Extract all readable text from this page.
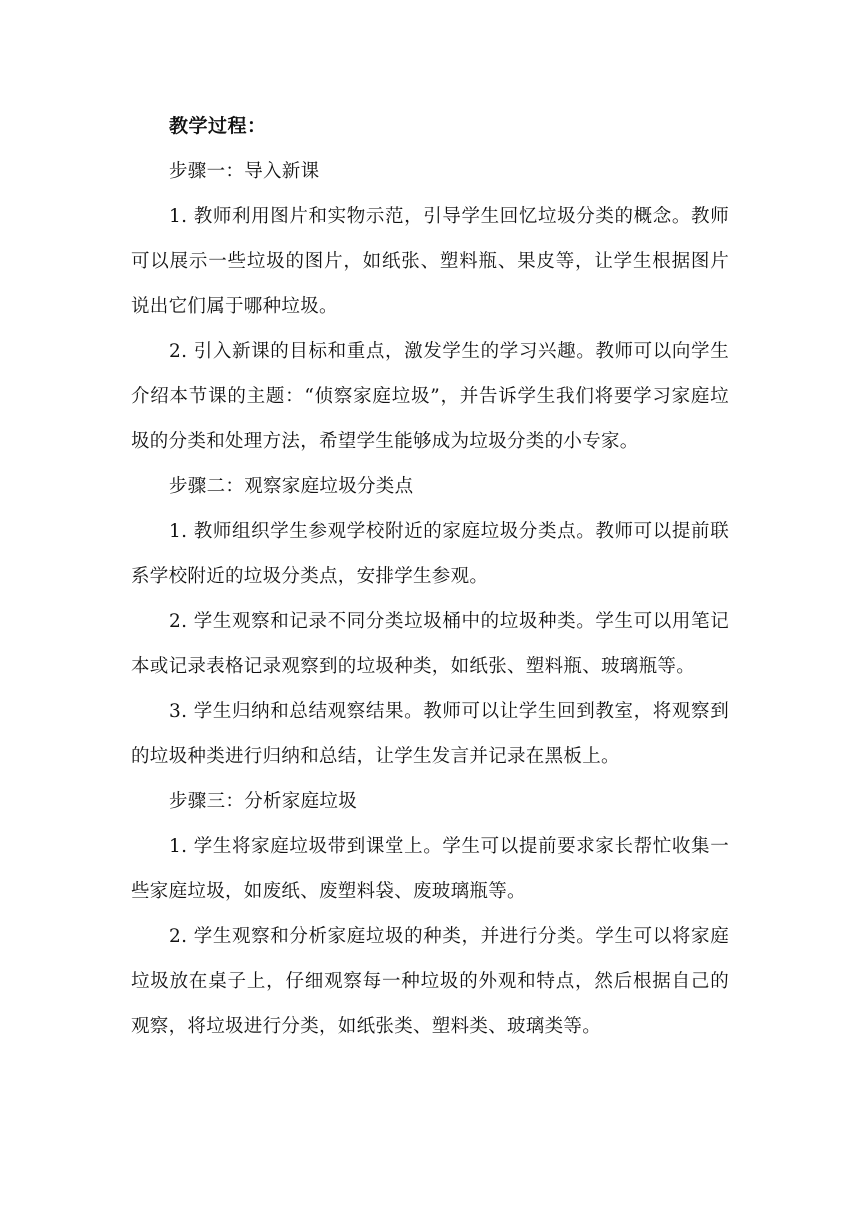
教学过程：

步骤一：导入新课

1. 教师利用图片和实物示范，引导学生回忆垃圾分类的概念。教师可以展示一些垃圾的图片，如纸张、塑料瓶、果皮等，让学生根据图片说出它们属于哪种垃圾。

2. 引入新课的目标和重点，激发学生的学习兴趣。教师可以向学生介绍本节课的主题：“侦察家庭垃圾”，并告诉学生我们将要学习家庭垃圾的分类和处理方法，希望学生能够成为垃圾分类的小专家。

步骤二：观察家庭垃圾分类点

1. 教师组织学生参观学校附近的家庭垃圾分类点。教师可以提前联系学校附近的垃圾分类点，安排学生参观。

2. 学生观察和记录不同分类垃圾桶中的垃圾种类。学生可以用笔记本或记录表格记录观察到的垃圾种类，如纸张、塑料瓶、玻璃瓶等。

3. 学生归纳和总结观察结果。教师可以让学生回到教室，将观察到的垃圾种类进行归纳和总结，让学生发言并记录在黑板上。

步骤三：分析家庭垃圾

1. 学生将家庭垃圾带到课堂上。学生可以提前要求家长帮忙收集一些家庭垃圾，如废纸、废塑料袋、废玻璃瓶等。

2. 学生观察和分析家庭垃圾的种类，并进行分类。学生可以将家庭垃圾放在桌子上，仔细观察每一种垃圾的外观和特点，然后根据自己的观察，将垃圾进行分类，如纸张类、塑料类、玻璃类等。
